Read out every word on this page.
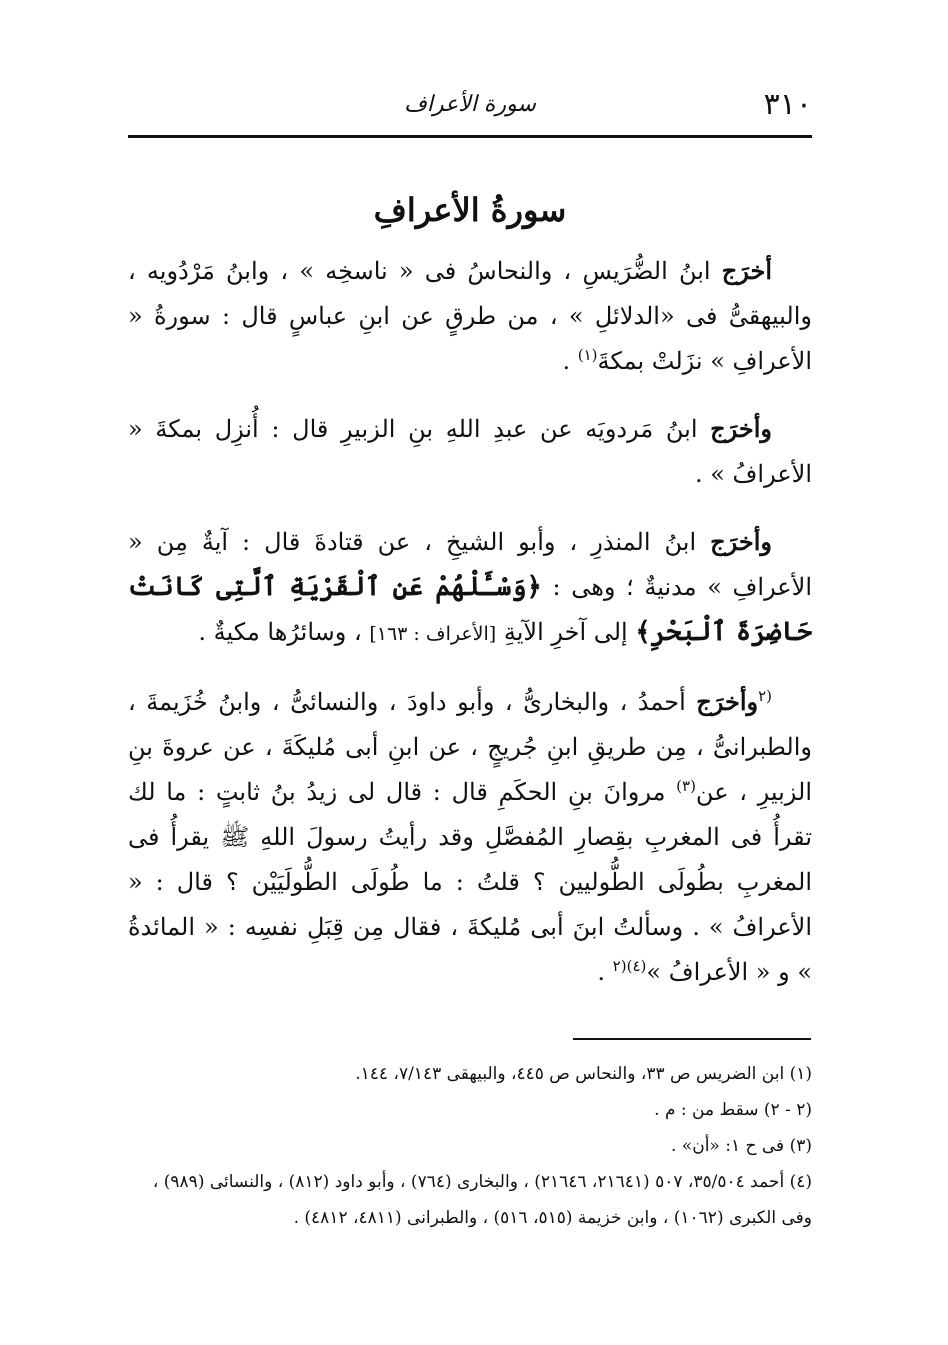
٣١٠
سورة الأعراف
سورةُ الأعرافِ

أخرَج ابنُ الضُّرَيسِ ، والنحاسُ فى « ناسخِه » ، وابنُ مَرْدُويه ، والبيهقىُّ فى «الدلائلِ » ، من طرقٍ عن ابنِ عباسٍ قال : سورةُ « الأعرافِ » نزَلتْ بمكةَ$^{(١)}$ .

وأخرَج ابنُ مَردويَه عن عبدِ اللهِ بنِ الزبيرِ قال : أُنزِل بمكةَ « الأعرافُ » .

وأخرَج ابنُ المنذرِ ، وأبو الشيخِ ، عن قتادةَ قال : آيةٌ مِن « الأعرافِ » مدنيةٌ ؛ وهى : ﴿وَسْـَٔلْهُمْ عَنِ ٱلْقَرْيَةِ ٱلَّتِى كَانَتْ حَاضِرَةَ ٱلْبَحْرِ﴾ إلى آخرِ الآيةِ [الأعراف : ١٦٣] ، وسائرُها مكيةٌ .

$^{(٢}$وأخرَج أحمدُ ، والبخارىُّ ، وأبو داودَ ، والنسائىُّ ، وابنُ خُزَيمةَ ، والطبرانىُّ ، مِن طريقِ ابنِ جُريجٍ ، عن ابنِ أبى مُليكَةَ ، عن عروةَ بنِ الزبيرِ ، عن$^{(٣)}$ مروانَ بنِ الحكَمِ قال : قال لى زيدُ بنُ ثابتٍ : ما لك تقرأُ فى المغربِ بقِصارِ المُفصَّلِ وقد رأيتُ رسولَ اللهِ ﷺ يقرأُ فى المغربِ بطُولَى الطُّوليين ؟ قلتُ : ما طُولَى الطُّولَيَيْن ؟ قال : « الأعرافُ » . وسألتُ ابنَ أبى مُليكةَ ، فقال مِن قِبَلِ نفسِه : « المائدةُ » و « الأعرافُ »$^{(٤)(٢}$ .

(١) ابن الضريس ص ٣٣، والنحاس ص ٤٤٥، والبيهقى ٧/١٤٣، ١٤٤.

(٢ - ٢) سقط من : م .

(٣) فى ح ١: «أن» .

(٤) أحمد ٣٥/٥٠٤، ٥٠٧ (٢١٦٤١، ٢١٦٤٦) ، والبخارى (٧٦٤) ، وأبو داود (٨١٢) ، والنسائى (٩٨٩) ، وفى الكبرى (١٠٦٢) ، وابن خزيمة (٥١٥، ٥١٦) ، والطبرانى (٤٨١١، ٤٨١٢) .
